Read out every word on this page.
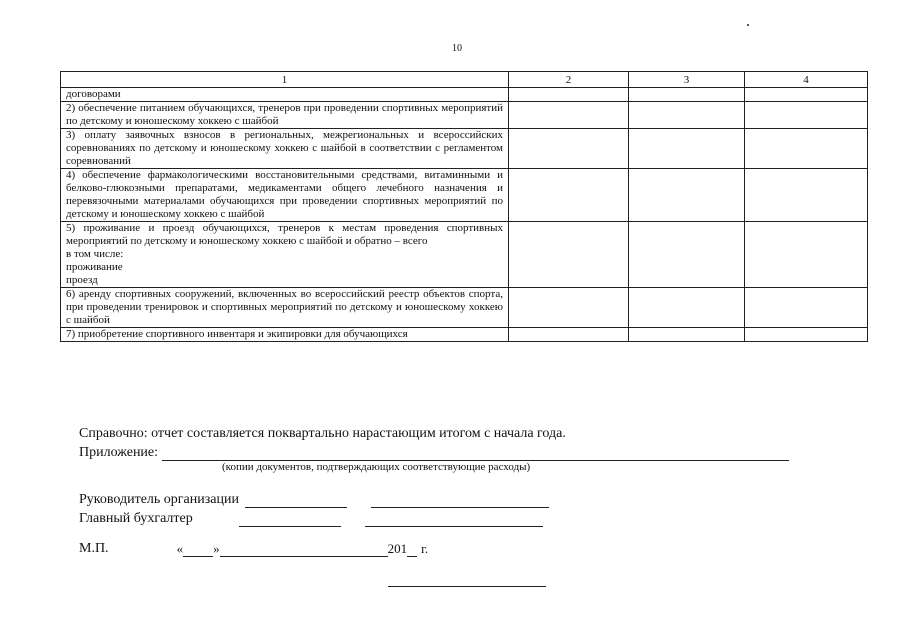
10
1	2	3	4
договорами			
2) обеспечение питанием обучающихся, тренеров при проведении спортивных мероприятий по детскому и юношескому хоккею с шайбой			
3) оплату заявочных взносов в региональных, межрегиональных и всероссийских соревнованиях по детскому и юношескому хоккею с шайбой в соответствии с регламентом соревнований			
4) обеспечение фармакологическими восстановительными средствами, витаминными и белково-глюкозными препаратами, медикаментами общего лечебного назначения и перевязочными материалами обучающихся при проведении спортивных мероприятий по детскому и юношескому хоккею с шайбой			

5) проживание и проезд обучающихся, тренеров к местам проведения спортивных мероприятий по детскому и юношескому хоккею с шайбой и обратно – всего
в том числе:
проживание
проезд			

6) аренду спортивных сооружений, включенных во всероссийский реестр объектов спорта, при проведении тренировок и спортивных мероприятий по детскому и юношескому хоккею с шайбой			
7) приобретение спортивного инвентаря и экипировки для обучающихся			
Справочно: отчет составляется поквартально нарастающим итогом с начала года.
Приложение:
(копии документов, подтверждающих соответствующие расходы)
Руководитель организации
Главный бухгалтер
М.П.	« »	201 г.
